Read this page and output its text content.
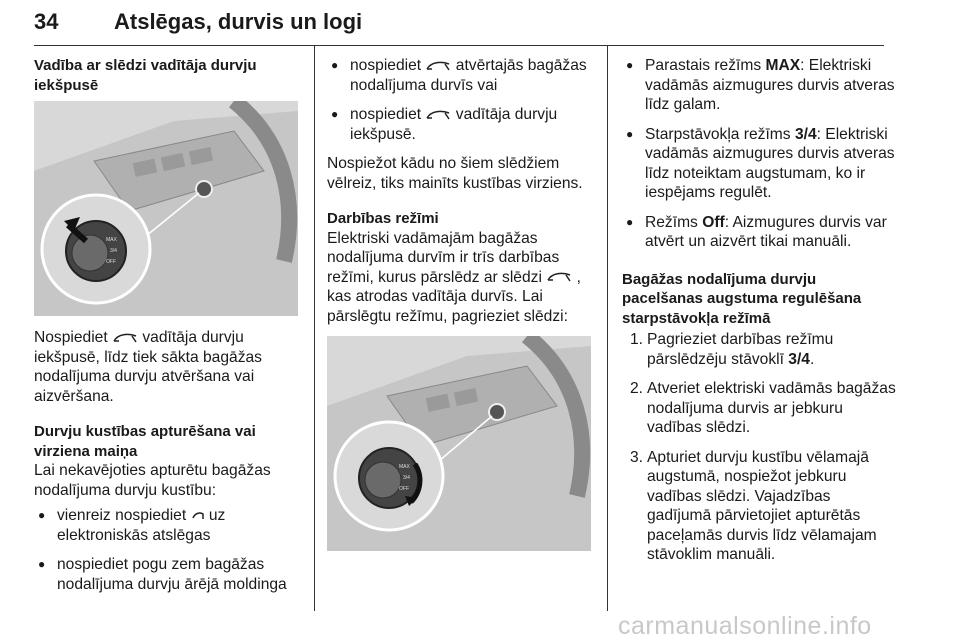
34	Atslēgas, durvis un logi

Vadība ar slēdzi vadītāja durvju iekšpusē

MAX
3/4
OFF

Nospiediet vadītāja durvju iekšpusē, līdz tiek sākta bagāžas nodalījuma durvju atvēršana vai aizvēršana.

Durvju kustības apturēšana vai virziena maiņa

Lai nekavējoties apturētu bagāžas nodalījuma durvju kustību:

● vienreiz nospiediet uz elektroniskās atslēgas
● nospiediet pogu zem bagāžas nodalījuma durvju ārējā moldinga
● nospiediet atvērtajās bagāžas nodalījuma durvīs vai
● nospiediet vadītāja durvju iekšpusē.

Nospiežot kādu no šiem slēdžiem vēlreiz, tiks mainīts kustības virziens.

Darbības režīmi

Elektriski vadāmajām bagāžas nodalījuma durvīm ir trīs darbības režīmi, kurus pārslēdz ar slēdzi , kas atrodas vadītāja durvīs. Lai pārslēgtu režīmu, pagrieziet slēdzi:

MAX
3/4
OFF
● Parastais režīms MAX: Elektriski vadāmās aizmugures durvis atveras līdz galam.
● Starpstāvokļa režīms 3/4: Elektriski vadāmās aizmugures durvis atveras līdz noteiktam augstumam, ko ir iespējams regulēt.
● Režīms Off: Aizmugures durvis var atvērt un aizvērt tikai manuāli.

Bagāžas nodalījuma durvju pacelšanas augstuma regulēšana starpstāvokļa režīmā

1. Pagrieziet darbības režīmu pārslēdzēju stāvoklī 3/4.
2. Atveriet elektriski vadāmās bagāžas nodalījuma durvis ar jebkuru vadības slēdzi.
3. Apturiet durvju kustību vēlamajā augstumā, nospiežot jebkuru vadības slēdzi. Vajadzības gadījumā pārvietojiet apturētās paceļamās durvis līdz vēlamajam stāvoklim manuāli.
carmanualsonline.info
